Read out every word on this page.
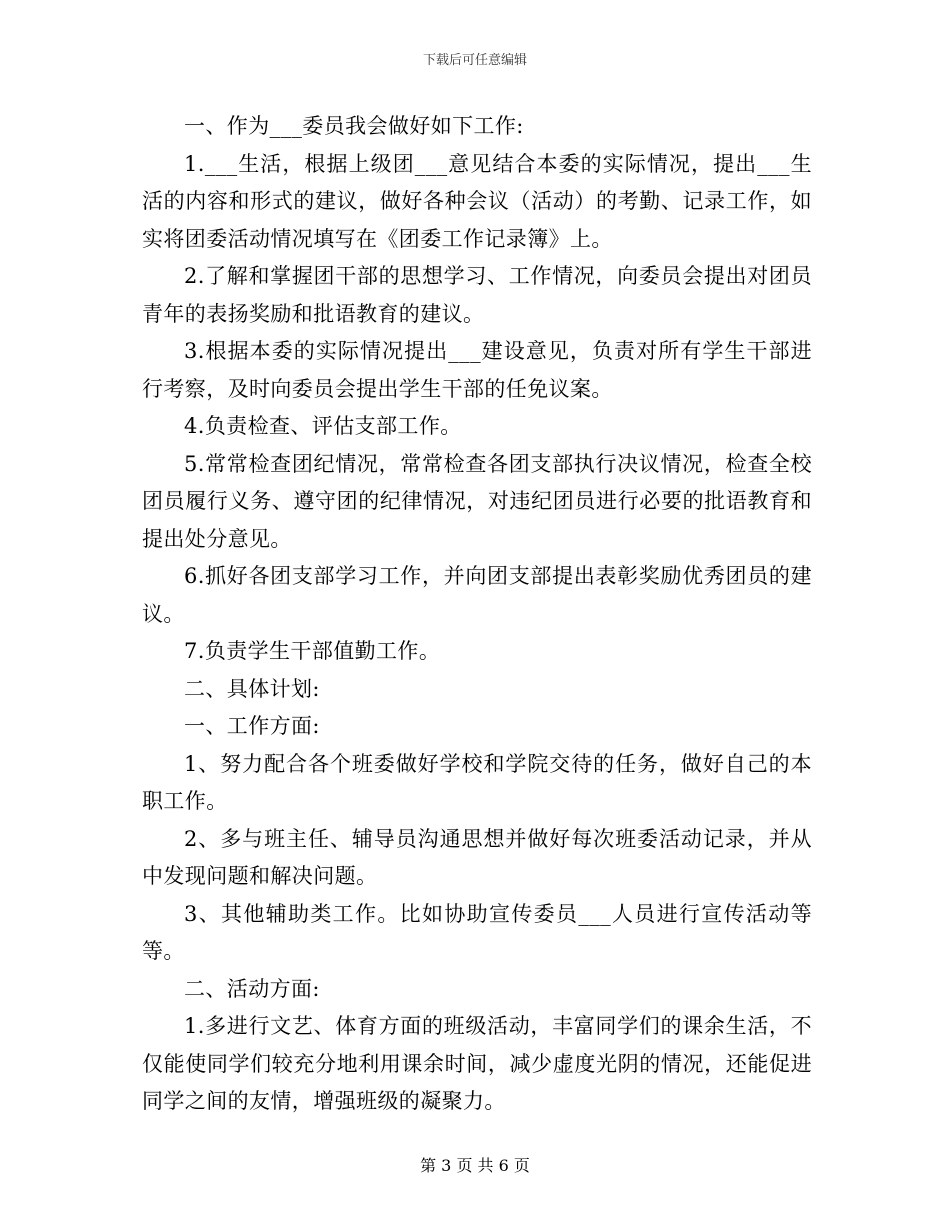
下载后可任意编辑

一、作为___委员我会做好如下工作:

1.___生活，根据上级团___意见结合本委的实际情况，提出___生活的内容和形式的建议，做好各种会议（活动）的考勤、记录工作，如实将团委活动情况填写在《团委工作记录簿》上。

2.了解和掌握团干部的思想学习、工作情况，向委员会提出对团员青年的表扬奖励和批语教育的建议。

3.根据本委的实际情况提出___建设意见，负责对所有学生干部进行考察，及时向委员会提出学生干部的任免议案。

4.负责检查、评估支部工作。

5.常常检查团纪情况，常常检查各团支部执行决议情况，检查全校团员履行义务、遵守团的纪律情况，对违纪团员进行必要的批语教育和提出处分意见。

6.抓好各团支部学习工作，并向团支部提出表彰奖励优秀团员的建议。

7.负责学生干部值勤工作。

二、具体计划:

一、工作方面:

1、努力配合各个班委做好学校和学院交待的任务，做好自己的本职工作。

2、多与班主任、辅导员沟通思想并做好每次班委活动记录，并从中发现问题和解决问题。

3、其他辅助类工作。比如协助宣传委员___人员进行宣传活动等等。

二、活动方面:

1.多进行文艺、体育方面的班级活动，丰富同学们的课余生活，不仅能使同学们较充分地利用课余时间，减少虚度光阴的情况，还能促进同学之间的友情，增强班级的凝聚力。

第 3 页 共 6 页
